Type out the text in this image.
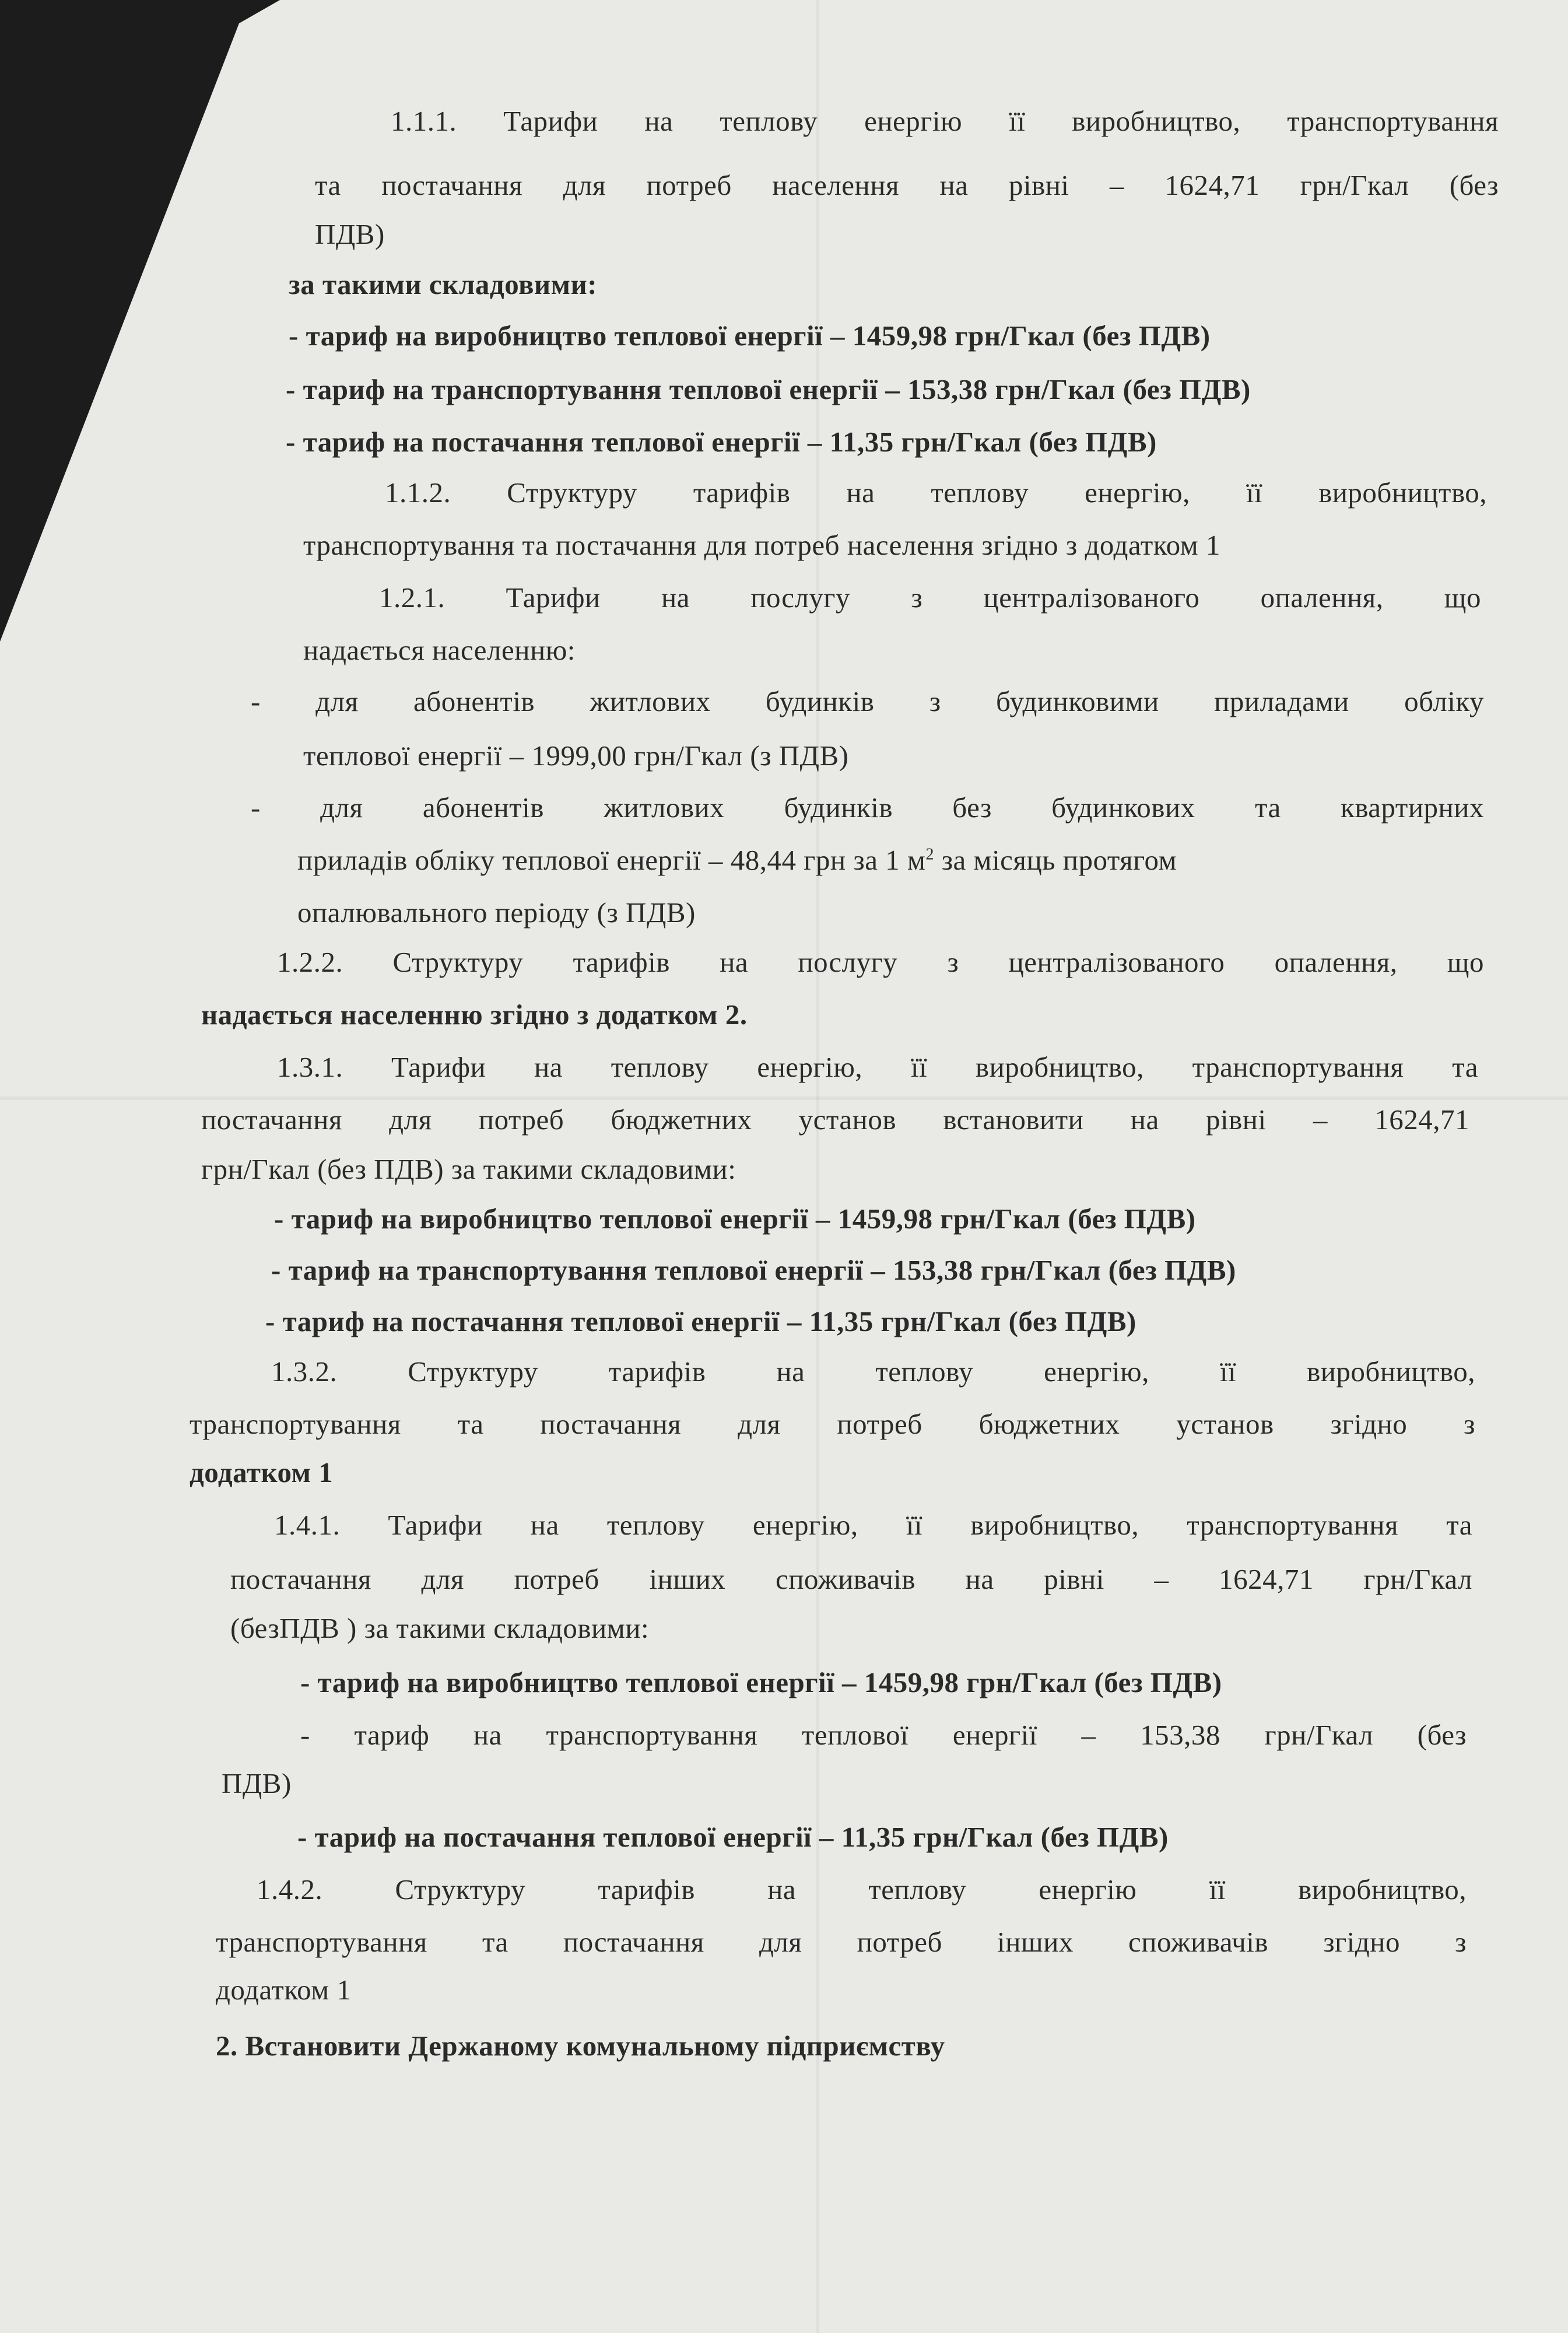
1.1.1. Тарифи на теплову енергію її виробництво, транспортування
та постачання для потреб населення на рівні – 1624,71 грн/Гкал (без
ПДВ)
за такими складовими:
- тариф на виробництво теплової енергії – 1459,98 грн/Гкал (без ПДВ)
- тариф на транспортування теплової енергії – 153,38 грн/Гкал (без ПДВ)
- тариф на постачання теплової енергії – 11,35 грн/Гкал (без ПДВ)
1.1.2. Структуру тарифів на теплову енергію, її виробництво,
транспортування та постачання для потреб населення згідно з додатком 1
1.2.1. Тарифи на послугу з централізованого опалення, що
надається населенню:
- для абонентів житлових будинків з будинковими приладами обліку
теплової енергії – 1999,00 грн/Гкал (з ПДВ)
- для абонентів житлових будинків без будинкових та квартирних
приладів обліку теплової енергії – 48,44 грн за 1 $м^2$ за місяць протягом
опалювального періоду (з ПДВ)
1.2.2. Структуру тарифів на послугу з централізованого опалення, що
надається населенню згідно з додатком 2.
1.3.1. Тарифи на теплову енергію, її виробництво, транспортування та
постачання для потреб бюджетних установ встановити на рівні – 1624,71
грн/Гкал (без ПДВ) за такими складовими:
- тариф на виробництво теплової енергії – 1459,98 грн/Гкал (без ПДВ)
- тариф на транспортування теплової енергії – 153,38 грн/Гкал (без ПДВ)
- тариф на постачання теплової енергії – 11,35 грн/Гкал (без ПДВ)
1.3.2. Структуру тарифів на теплову енергію, її виробництво,
транспортування та постачання для потреб бюджетних установ згідно з
додатком 1
1.4.1. Тарифи на теплову енергію, її виробництво, транспортування та
постачання для потреб інших споживачів на рівні – 1624,71 грн/Гкал
(безПДВ ) за такими складовими:
- тариф на виробництво теплової енергії – 1459,98 грн/Гкал (без ПДВ)
- тариф на транспортування теплової енергії – 153,38 грн/Гкал (без
ПДВ)
- тариф на постачання теплової енергії – 11,35 грн/Гкал (без ПДВ)
1.4.2. Структуру тарифів на теплову енергію її виробництво,
транспортування та постачання для потреб інших споживачів згідно з
додатком 1
2. Встановити Держаному комунальному підприємству
